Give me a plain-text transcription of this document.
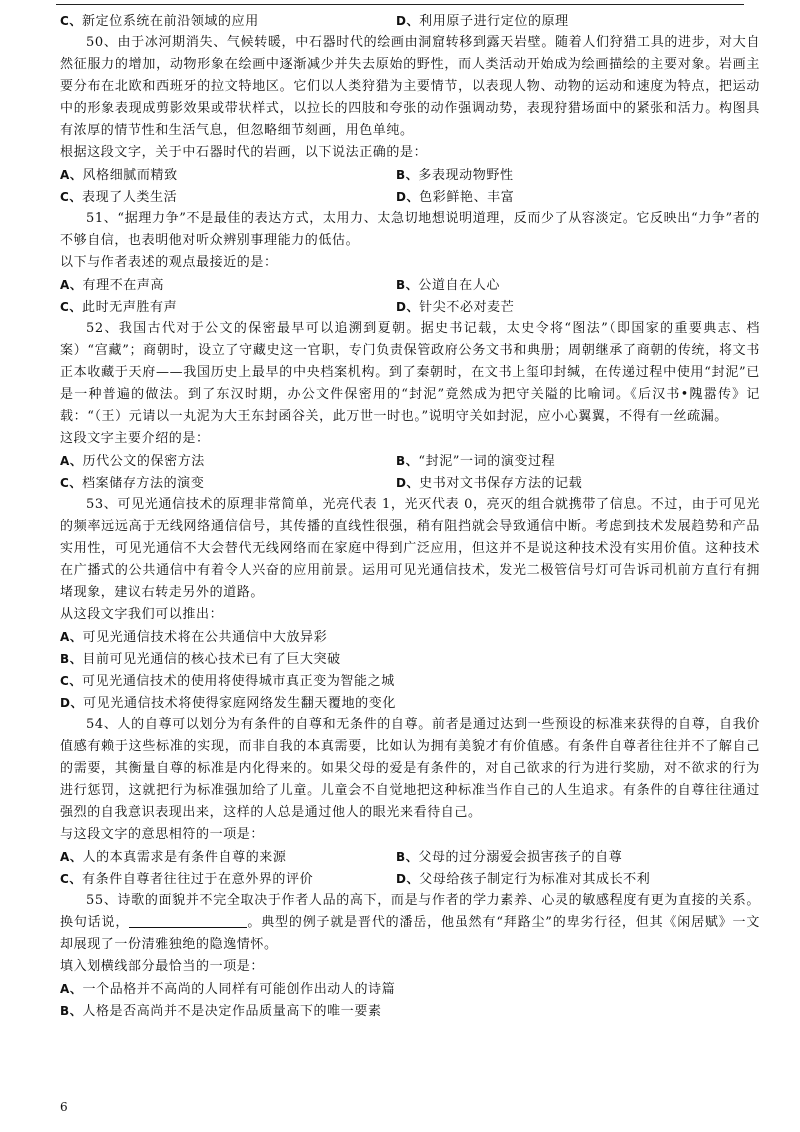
C、新定位系统在前沿领域的应用	D、利用原子进行定位的原理

50、由于冰河期消失、气候转暖，中石器时代的绘画由洞窟转移到露天岩壁。随着人们狩猎工具的进步，对大自然征服力的增加，动物形象在绘画中逐渐减少并失去原始的野性，而人类活动开始成为绘画描绘的主要对象。岩画主要分布在北欧和西班牙的拉文特地区。它们以人类狩猎为主要情节，以表现人物、动物的运动和速度为特点，把运动中的形象表现成剪影效果或带状样式，以拉长的四肢和夸张的动作强调动势，表现狩猎场面中的紧张和活力。构图具有浓厚的情节性和生活气息，但忽略细节刻画，用色单纯。

根据这段文字，关于中石器时代的岩画，以下说法正确的是：

A、风格细腻而精致	B、多表现动物野性
C、表现了人类生活	D、色彩鲜艳、丰富

51、“据理力争”不是最佳的表达方式，太用力、太急切地想说明道理，反而少了从容淡定。它反映出“力争”者的不够自信，也表明他对听众辨别事理能力的低估。

以下与作者表述的观点最接近的是：

A、有理不在声高	B、公道自在人心
C、此时无声胜有声	D、针尖不必对麦芒

52、我国古代对于公文的保密最早可以追溯到夏朝。据史书记载，太史令将“图法”（即国家的重要典志、档案）“宫藏”；商朝时，设立了守藏史这一官职，专门负责保管政府公务文书和典册；周朝继承了商朝的传统，将文书正本收藏于天府——我国历史上最早的中央档案机构。到了秦朝时，在文书上玺印封缄，在传递过程中使用“封泥”已是一种普遍的做法。到了东汉时期，办公文件保密用的“封泥”竟然成为把守关隘的比喻词。《后汉书•隗嚣传》记载：“（王）元请以一丸泥为大王东封函谷关，此万世一时也。”说明守关如封泥，应小心翼翼，不得有一丝疏漏。

这段文字主要介绍的是：

A、历代公文的保密方法	B、“封泥”一词的演变过程
C、档案储存方法的演变	D、史书对文书保存方法的记载

53、可见光通信技术的原理非常简单，光亮代表 1，光灭代表 0，亮灭的组合就携带了信息。不过，由于可见光的频率远远高于无线网络通信信号，其传播的直线性很强，稍有阻挡就会导致通信中断。考虑到技术发展趋势和产品实用性，可见光通信不大会替代无线网络而在家庭中得到广泛应用，但这并不是说这种技术没有实用价值。这种技术在广播式的公共通信中有着令人兴奋的应用前景。运用可见光通信技术，发光二极管信号灯可告诉司机前方直行有拥堵现象，建议右转走另外的道路。

从这段文字我们可以推出：

A、可见光通信技术将在公共通信中大放异彩
B、目前可见光通信的核心技术已有了巨大突破
C、可见光通信技术的使用将使得城市真正变为智能之城
D、可见光通信技术将使得家庭网络发生翻天覆地的变化

54、人的自尊可以划分为有条件的自尊和无条件的自尊。前者是通过达到一些预设的标准来获得的自尊，自我价值感有赖于这些标准的实现，而非自我的本真需要，比如认为拥有美貌才有价值感。有条件自尊者往往并不了解自己的需要，其衡量自尊的标准是内化得来的。如果父母的爱是有条件的，对自己欲求的行为进行奖励，对不欲求的行为进行惩罚，这就把行为标准强加给了儿童。儿童会不自觉地把这种标准当作自己的人生追求。有条件的自尊往往通过强烈的自我意识表现出来，这样的人总是通过他人的眼光来看待自己。

与这段文字的意思相符的一项是：

A、人的本真需求是有条件自尊的来源	B、父母的过分溺爱会损害孩子的自尊
C、有条件自尊者往往过于在意外界的评价	D、父母给孩子制定行为标准对其成长不利

55、诗歌的面貌并不完全取决于作者人品的高下，而是与作者的学力素养、心灵的敏感程度有更为直接的关系。换句话说，	。典型的例子就是晋代的潘岳，他虽然有“拜路尘”的卑劣行径，但其《闲居赋》一文却展现了一份清雅独绝的隐逸情怀。

填入划横线部分最恰当的一项是：

A、一个品格并不高尚的人同样有可能创作出动人的诗篇
B、人格是否高尚并不是决定作品质量高下的唯一要素
6
